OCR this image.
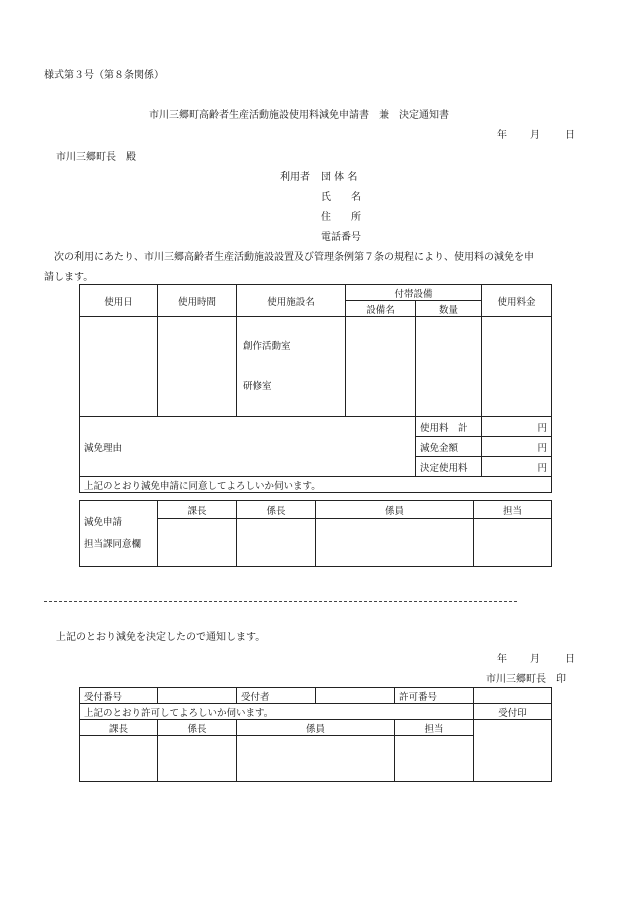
様式第３号（第８条関係）
市川三郷町高齢者生産活動施設使用料減免申請書　兼　決定通知書
年 月	日
市川三郷町長　殿
利用者 団 体 名
氏　　名
住　　所
電話番号
　次の利用にあたり、市川三郷高齢者生産活動施設設置及び管理条例第７条の規程により、使用料の減免を申
請します。
使用日	使用時間	使用施設名	付帯設備		使用料金
			設備名	数量	

		創作活動室
研修室			

減免理由				使用料　計	円
				減免金額	円
				決定使用料	円
上記のとおり減免申請に同意してよろしいか伺います。					
減免申請
担当課同意欄	課長	係長	係員	担当

上記のとおり減免を決定したので通知します。
年 月	日
市川三郷町長　印
受付番号		受付者		許可番号	
上記のとおり許可してよろしいか伺います。					受付印
課長	係長	係員		担当	
